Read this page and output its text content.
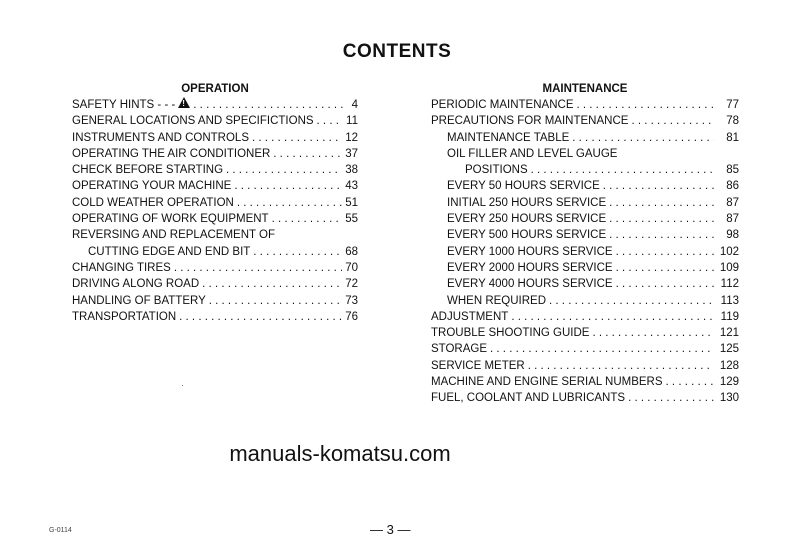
CONTENTS
OPERATION
SAFETY HINTS - - - ! . . .	4
GENERAL LOCATIONS AND SPECIFICTIONS . . .	11
INSTRUMENTS AND CONTROLS . . .	12
OPERATING THE AIR CONDITIONER . . .	37
CHECK BEFORE STARTING . . .	38
OPERATING YOUR MACHINE . . .	43
COLD WEATHER OPERATION . . .	51
OPERATING OF WORK EQUIPMENT . . .	55
REVERSING AND REPLACEMENT OF
CUTTING EDGE AND END BIT . . .	68
CHANGING TIRES . . .	70
DRIVING ALONG ROAD . . .	72
HANDLING OF BATTERY . . .	73
TRANSPORTATION . . .	76
MAINTENANCE
PERIODIC MAINTENANCE . . .	77
PRECAUTIONS FOR MAINTENANCE . . .	78
MAINTENANCE TABLE . . .	81
OIL FILLER AND LEVEL GAUGE
POSITIONS . . .	85
EVERY 50 HOURS SERVICE . . .	86
INITIAL 250 HOURS SERVICE . . .	87
EVERY 250 HOURS SERVICE . . .	87
EVERY 500 HOURS SERVICE . . .	98
EVERY 1000 HOURS SERVICE . . .	102
EVERY 2000 HOURS SERVICE . . .	109
EVERY 4000 HOURS SERVICE . . .	112
WHEN REQUIRED . . .	113
ADJUSTMENT . . .	119
TROUBLE SHOOTING GUIDE . . .	121
STORAGE . . .	125
SERVICE METER . . .	128
MACHINE AND ENGINE SERIAL NUMBERS . . .	129
FUEL, COOLANT AND LUBRICANTS . . .	130
manuals-komatsu.com
G-0114	— 3 —
